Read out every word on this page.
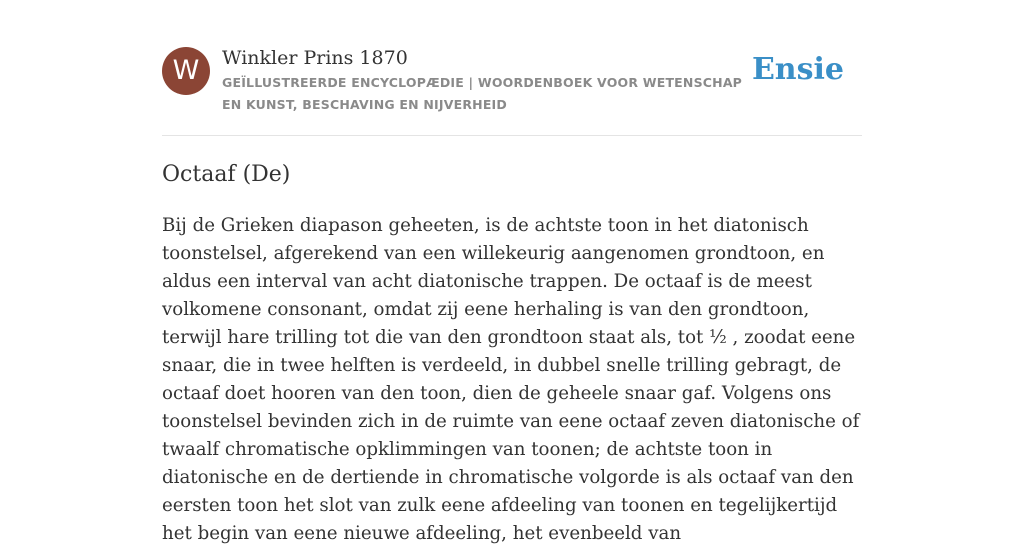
W	Winkler Prins 1870
GEÏLLUSTREERDE ENCYCLOPÆDIE | WOORDENBOEK VOOR WETENSCHAP EN KUNST, BESCHAVING EN NIJVERHEID
Ensie
Octaaf (De)

Bij de Grieken diapason geheeten, is de achtste toon in het diatonisch toonstelsel, afgerekend van een willekeurig aangenomen grondtoon, en aldus een interval van acht diatonische trappen. De octaaf is de meest volkomene consonant, omdat zij eene herhaling is van den grondtoon, terwijl hare trilling tot die van den grondtoon staat als, tot ½ , zoodat eene snaar, die in twee helften is verdeeld, in dubbel snelle trilling gebragt, de octaaf doet hooren van den toon, dien de geheele snaar gaf. Volgens ons toonstelsel bevinden zich in de ruimte van eene octaaf zeven diatonische of twaalf chromatische opklimmingen van toonen; de achtste toon in diatonische en de dertiende in chromatische volgorde is als octaaf van den eersten toon het slot van zulk eene afdeeling van toonen en tegelijkertijd het begin van eene nieuwe afdeeling, het evenbeeld van
